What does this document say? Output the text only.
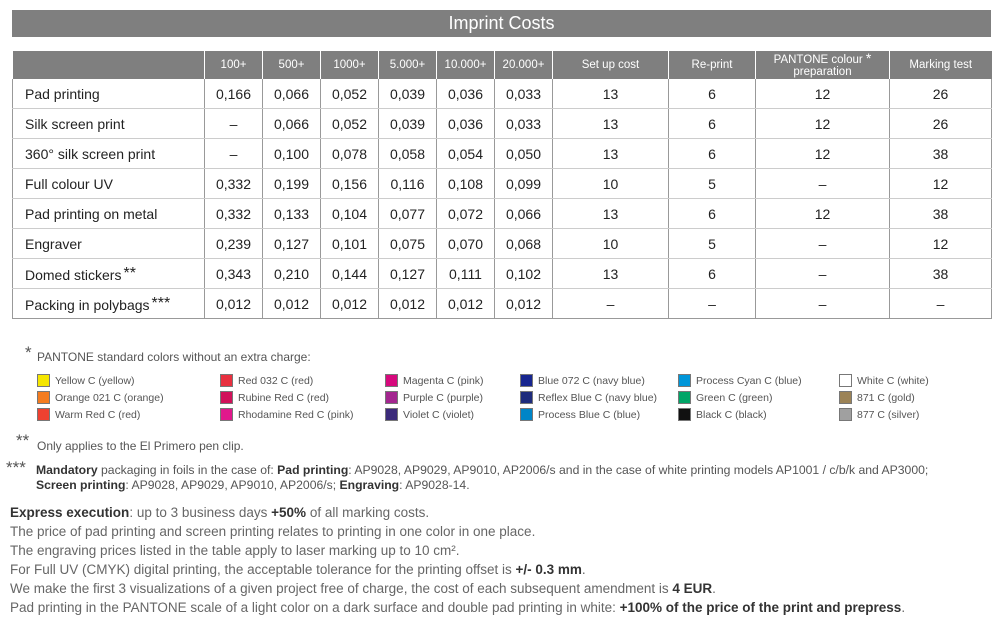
Imprint Costs
	100+	500+	1000+	5.000+	10.000+	20.000+	Set up cost	Re-print	PANTONE colour *
preparation	Marking test
Pad printing	0,166	0,066	0,052	0,039	0,036	0,033	13	6	12	26
Silk screen print	–	0,066	0,052	0,039	0,036	0,033	13	6	12	26
360° silk screen print	–	0,100	0,078	0,058	0,054	0,050	13	6	12	38
Full colour UV	0,332	0,199	0,156	0,116	0,108	0,099	10	5	–	12
Pad printing on metal	0,332	0,133	0,104	0,077	0,072	0,066	13	6	12	38
Engraver	0,239	0,127	0,101	0,075	0,070	0,068	10	5	–	12
Domed stickers **	0,343	0,210	0,144	0,127	0,111	0,102	13	6	–	38
Packing in polybags ***	0,012	0,012	0,012	0,012	0,012	0,012	–	–	–	–
* PANTONE standard colors without an extra charge:
Yellow C (yellow)
Orange 021 C (orange)
Warm Red C (red)
Red 032 C (red)
Rubine Red C (red)
Rhodamine Red C (pink)
Magenta C (pink)
Purple C (purple)
Violet C (violet)
Blue 072 C (navy blue)
Reflex Blue C (navy blue)
Process Blue C (blue)
Process Cyan C (blue)
Green C (green)
Black C (black)
White C (white)
871 C (gold)
877 C (silver)
** Only applies to the El Primero pen clip.
*** Mandatory packaging in foils in the case of: Pad printing: AP9028, AP9029, AP9010, AP2006/s and in the case of white printing models AP1001 / c/b/k and AP3000;
Screen printing: AP9028, AP9029, AP9010, AP2006/s; Engraving: AP9028-14.
Express execution: up to 3 business days +50% of all marking costs.
The price of pad printing and screen printing relates to printing in one color in one place.
The engraving prices listed in the table apply to laser marking up to 10 cm².
For Full UV (CMYK) digital printing, the acceptable tolerance for the printing offset is +/- 0.3 mm.
We make the first 3 visualizations of a given project free of charge, the cost of each subsequent amendment is 4 EUR.
Pad printing in the PANTONE scale of a light color on a dark surface and double pad printing in white: +100% of the price of the print and prepress.
